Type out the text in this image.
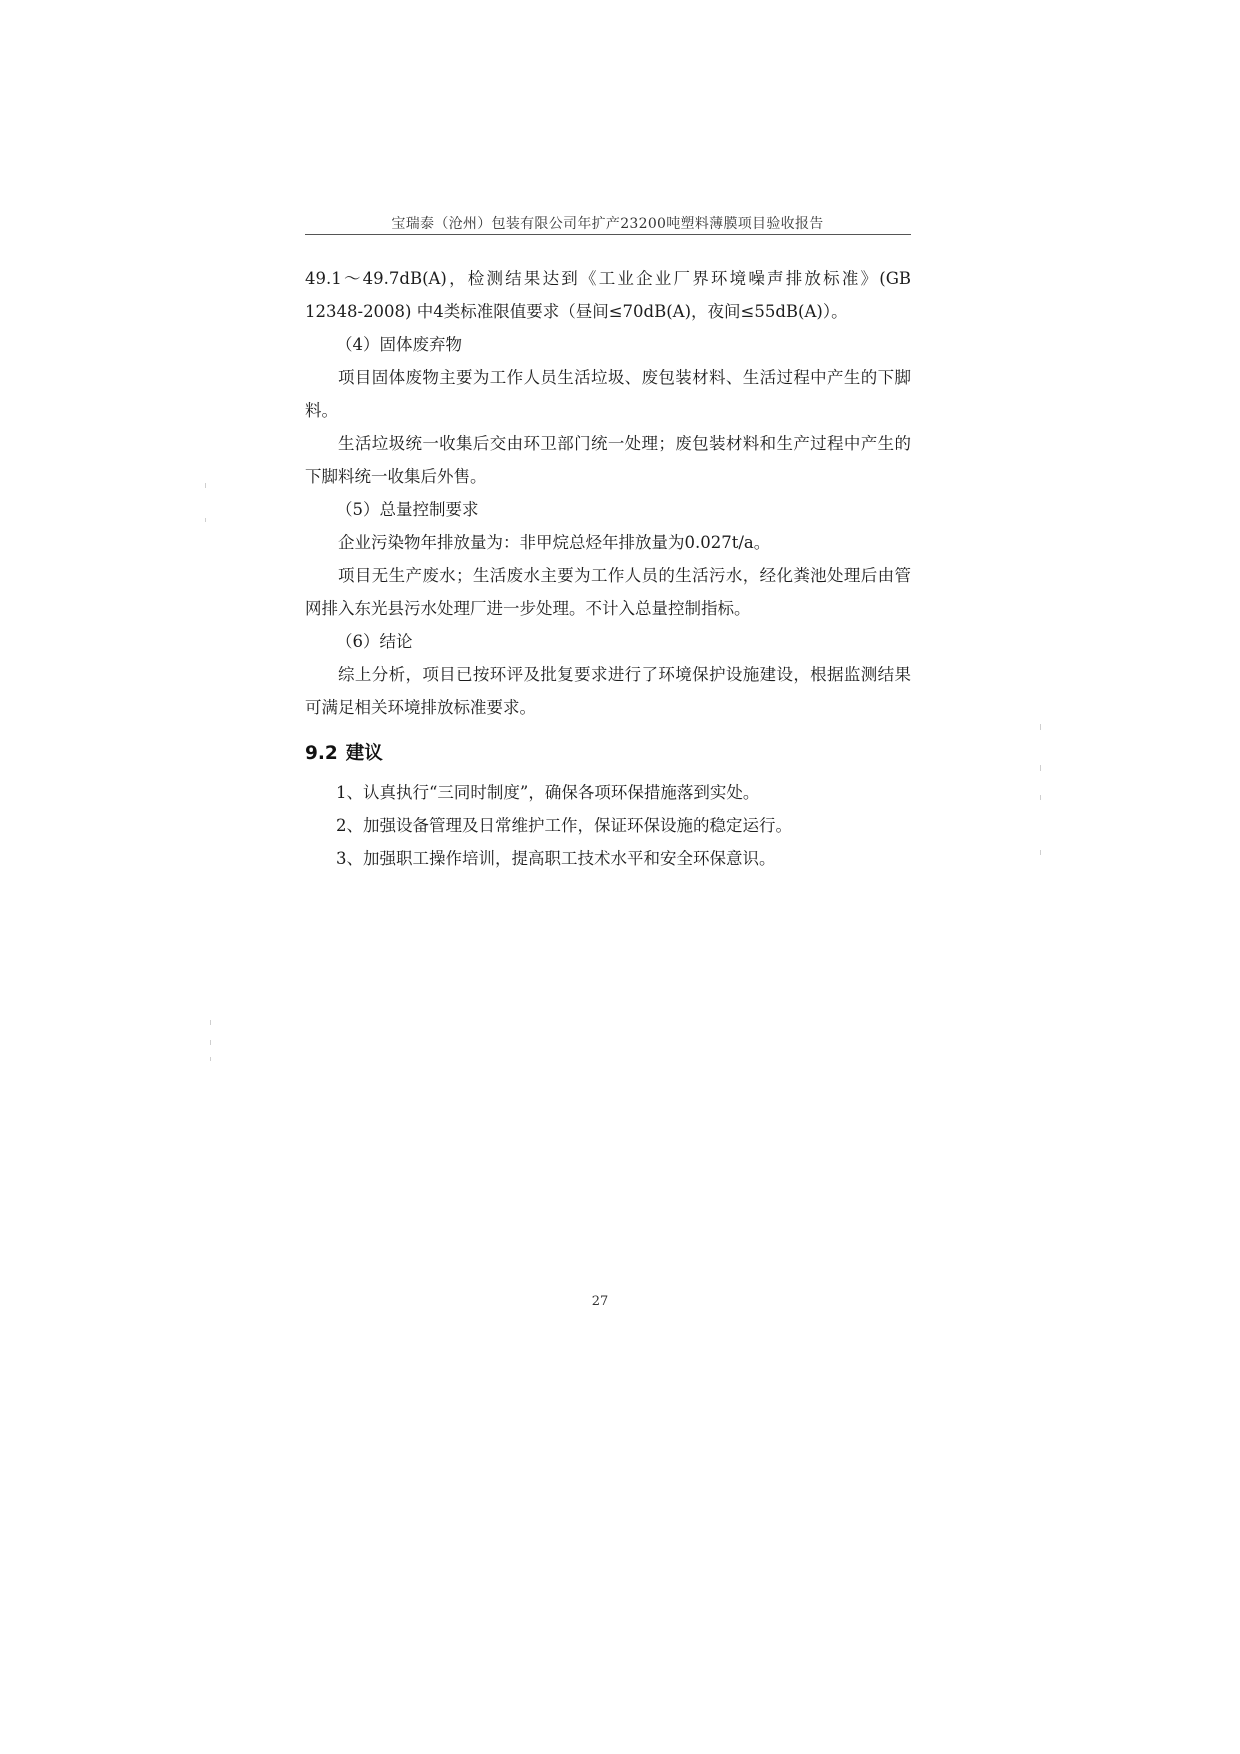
宝瑞泰（沧州）包装有限公司年扩产23200吨塑料薄膜项目验收报告

49.1～49.7dB(A)，检测结果达到《工业企业厂界环境噪声排放标准》(GB 12348-2008) 中4类标准限值要求（昼间≤70dB(A)，夜间≤55dB(A)）。

（4）固体废弃物

项目固体废物主要为工作人员生活垃圾、废包装材料、生活过程中产生的下脚料。

生活垃圾统一收集后交由环卫部门统一处理；废包装材料和生产过程中产生的下脚料统一收集后外售。

（5）总量控制要求

企业污染物年排放量为：非甲烷总烃年排放量为0.027t/a。

项目无生产废水；生活废水主要为工作人员的生活污水，经化粪池处理后由管网排入东光县污水处理厂进一步处理。不计入总量控制指标。

（6）结论

综上分析，项目已按环评及批复要求进行了环境保护设施建设，根据监测结果可满足相关环境排放标准要求。

9.2 建议

1、认真执行“三同时制度”，确保各项环保措施落到实处。

2、加强设备管理及日常维护工作，保证环保设施的稳定运行。

3、加强职工操作培训，提高职工技术水平和安全环保意识。

27
